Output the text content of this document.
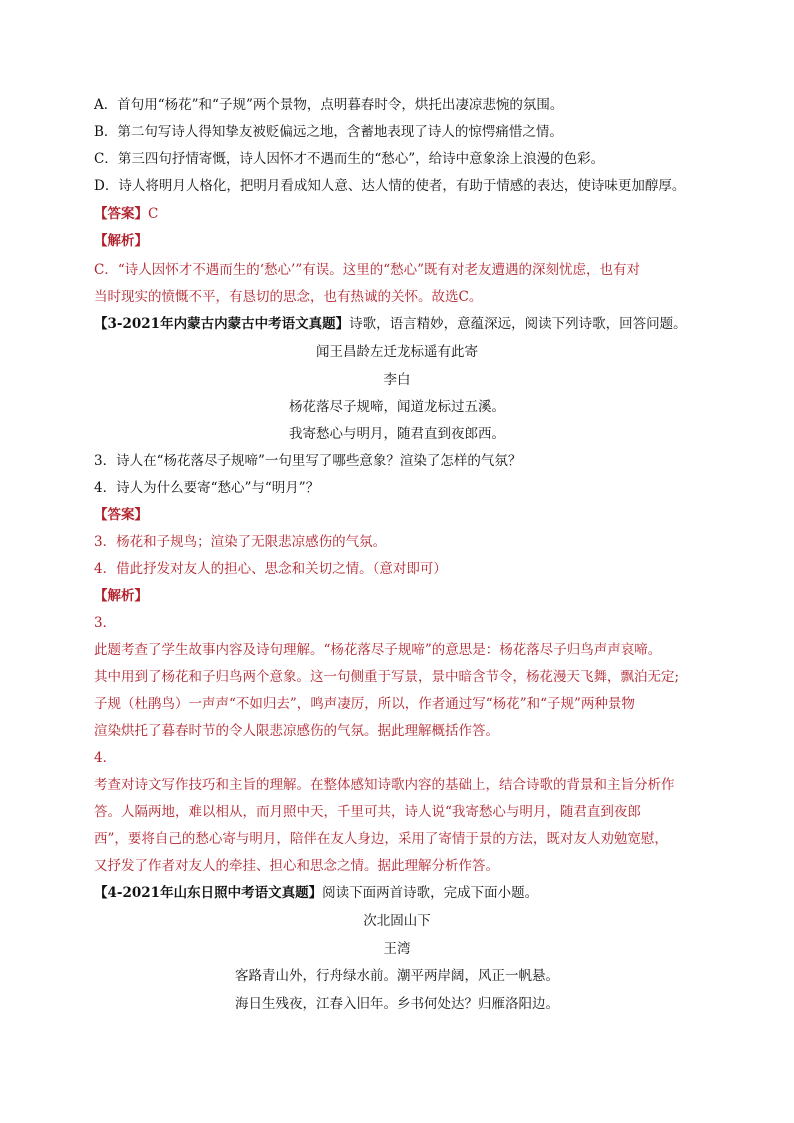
A．首句用“杨花”和“子规”两个景物，点明暮春时令，烘托出凄凉悲惋的氛围。
B．第二句写诗人得知挚友被贬偏远之地，含蓄地表现了诗人的惊愕痛惜之情。
C．第三四句抒情寄慨，诗人因怀才不遇而生的“愁心”，给诗中意象涂上浪漫的色彩。
D．诗人将明月人格化，把明月看成知人意、达人情的使者，有助于情感的表达，使诗味更加醇厚。
【答案】C
【解析】
C．“诗人因怀才不遇而生的‘愁心’”有误。这里的“愁心”既有对老友遭遇的深刻忧虑，也有对
当时现实的愤慨不平，有恳切的思念，也有热诚的关怀。故选C。
【3-2021年内蒙古内蒙古中考语文真题】诗歌，语言精妙，意蕴深远，阅读下列诗歌，回答问题。
闻王昌龄左迁龙标遥有此寄
李白
杨花落尽子规啼，闻道龙标过五溪。
我寄愁心与明月，随君直到夜郎西。
3．诗人在“杨花落尽子规啼”一句里写了哪些意象？渲染了怎样的气氛？
4．诗人为什么要寄“愁心”与“明月”？
【答案】
3．杨花和子规鸟；渲染了无限悲凉感伤的气氛。
4．借此抒发对友人的担心、思念和关切之情。（意对即可）
【解析】
3．
此题考查了学生故事内容及诗句理解。“杨花落尽子规啼”的意思是：杨花落尽子归鸟声声哀啼。
其中用到了杨花和子归鸟两个意象。这一句侧重于写景，景中暗含节令，杨花漫天飞舞，飘泊无定;
子规（杜鹃鸟）一声声“不如归去”，鸣声凄厉，所以，作者通过写“杨花”和“子规”两种景物
渲染烘托了暮春时节的令人限悲凉感伤的气氛。据此理解概括作答。
4．
考查对诗文写作技巧和主旨的理解。在整体感知诗歌内容的基础上，结合诗歌的背景和主旨分析作
答。人隔两地，难以相从，而月照中天，千里可共，诗人说“我寄愁心与明月，随君直到夜郎
西”，要将自己的愁心寄与明月，陪伴在友人身边，采用了寄情于景的方法，既对友人劝勉宽慰，
又抒发了作者对友人的牵挂、担心和思念之情。据此理解分析作答。
【4-2021年山东日照中考语文真题】阅读下面两首诗歌，完成下面小题。
次北固山下
王湾
客路青山外，行舟绿水前。潮平两岸阔，风正一帆悬。
海日生残夜，江春入旧年。乡书何处达？归雁洛阳边。
